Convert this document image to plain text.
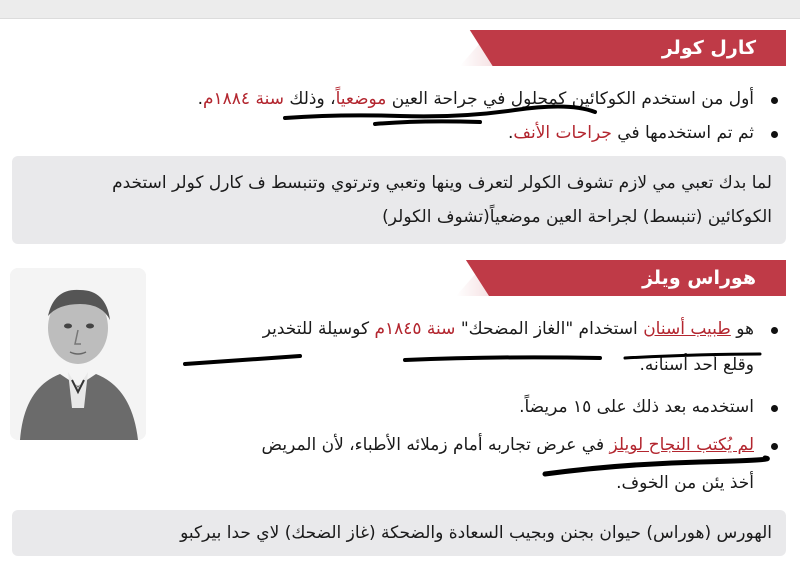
كارل كولر
أول من استخدم الكوكائين كمحلول في جراحة العين موضعياً، وذلك سنة ١٨٨٤م.
ثم تم استخدمها في جراحات الأنف.
لما بدك تعبي مي لازم تشوف الكولر لتعرف وينها وتعبي وترتوي وتنبسط ف كارل كولر استخدم
الكوكائين (تنبسط) لجراحة العين موضعياً(تشوف الكولر)
هوراس ويلز
هو طبيب أسنان استخدام "الغاز المضحك" سنة ١٨٤٥م كوسيلة للتخدير
وقلع أحد أسنانه.
استخدمه بعد ذلك على ١٥ مريضاً.
لم يُكتب النجاح لويلز في عرض تجاربه أمام زملائه الأطباء، لأن المريض
أخذ يئن من الخوف.
الهورس (هوراس) حيوان بجنن وبجيب السعادة والضحكة (غاز الضحك) لاي حدا بيركبو
